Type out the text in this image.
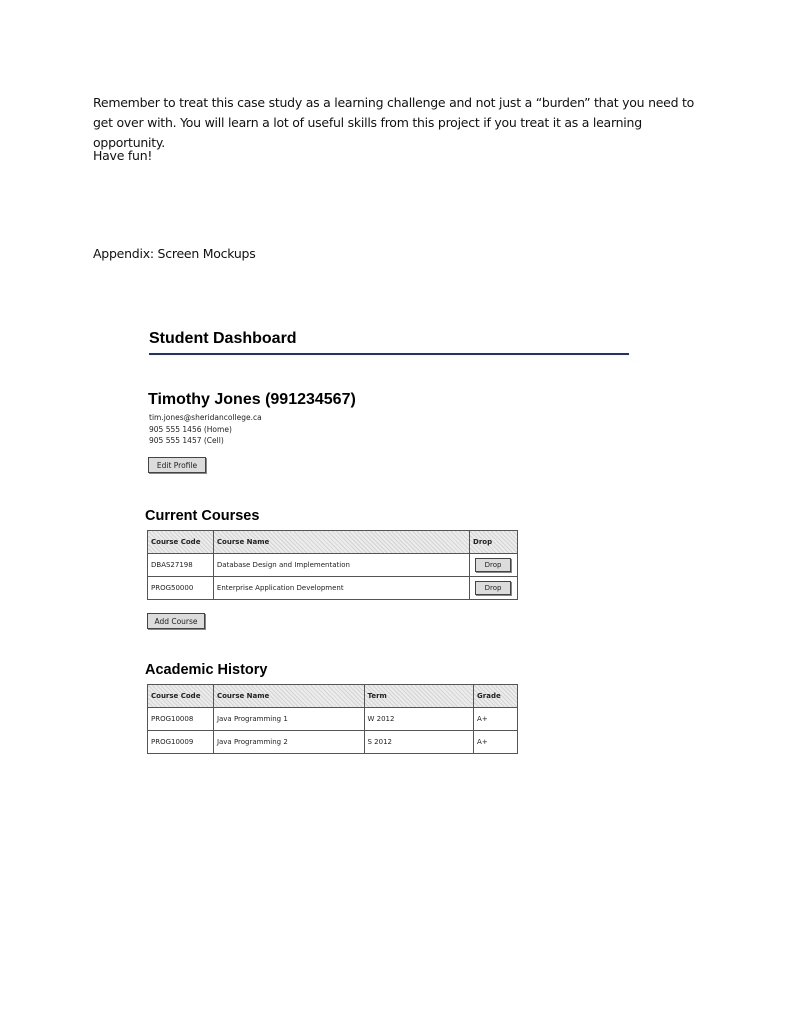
Remember to treat this case study as a learning challenge and not just a “burden” that you need to get over with. You will learn a lot of useful skills from this project if you treat it as a learning opportunity.

Have fun!

Appendix: Screen Mockups

Student Dashboard
Timothy Jones (991234567)
tim.jones@sheridancollege.ca
905 555 1456 (Home)
905 555 1457 (Cell)
Edit Profile
Current Courses
Course Code	Course Name	Drop
DBAS27198	Database Design and Implementation	Drop
PROG50000	Enterprise Application Development	Drop
Add Course
Academic History
Course Code	Course Name	Term	Grade
PROG10008	Java Programming 1	W 2012	A+
PROG10009	Java Programming 2	S 2012	A+
